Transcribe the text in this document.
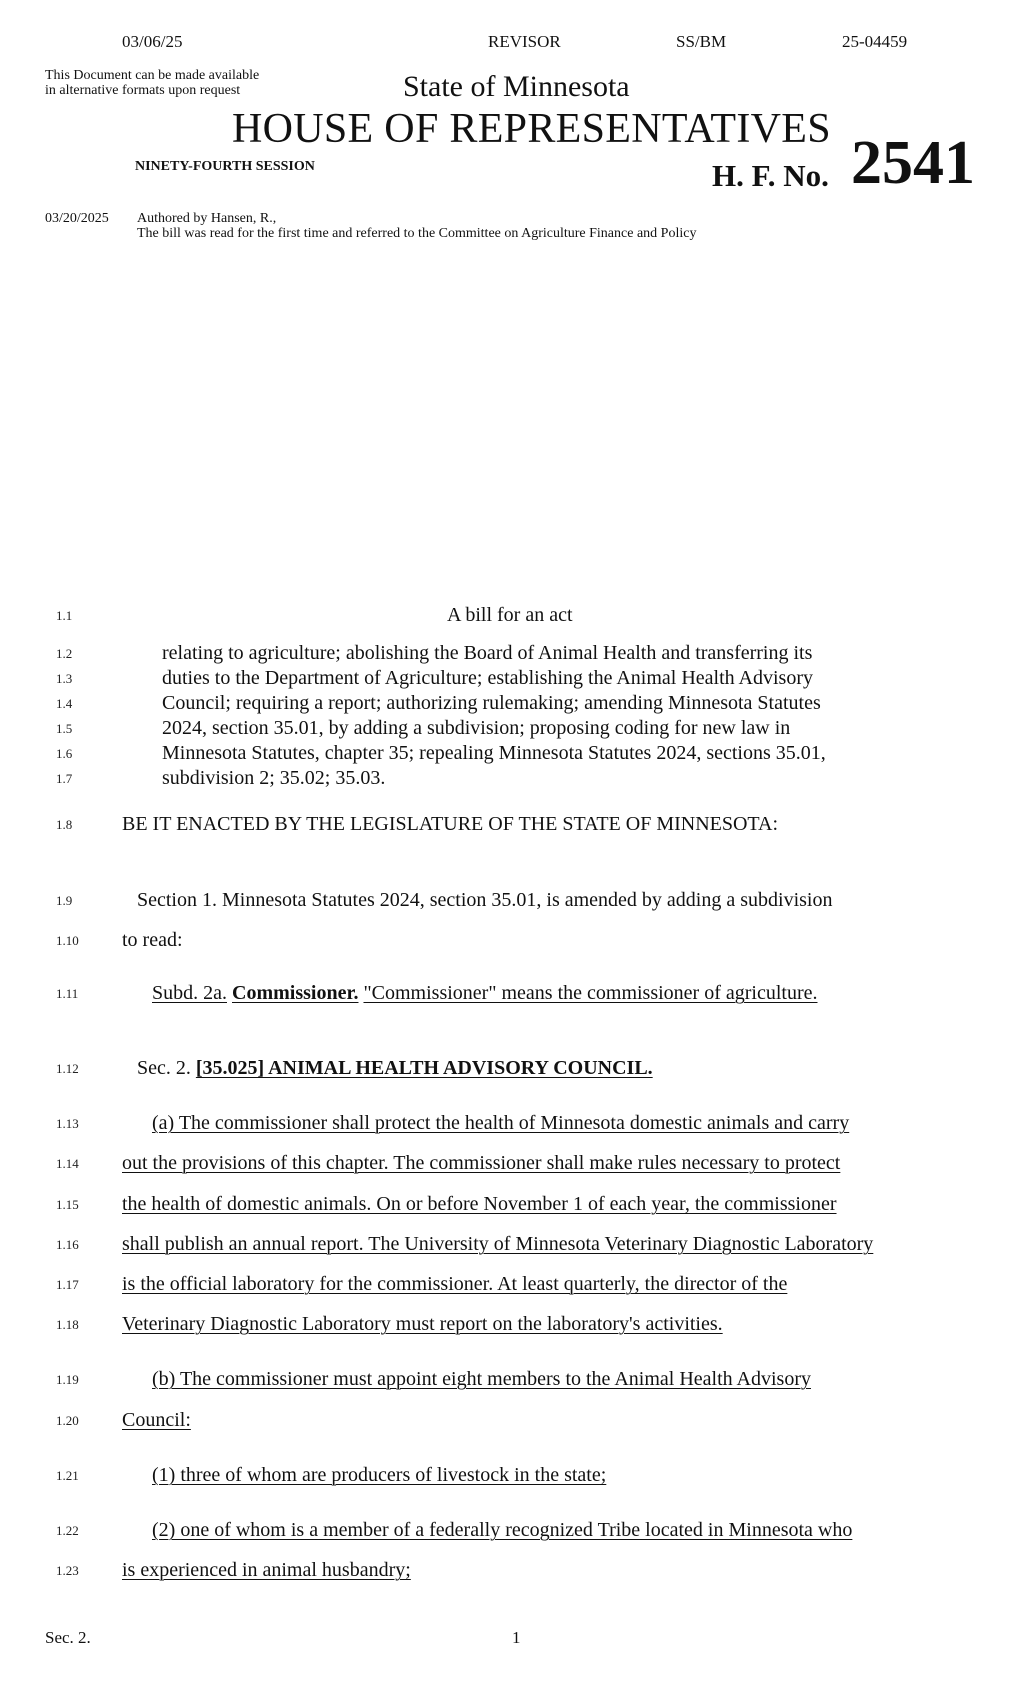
03/06/25	REVISOR	SS/BM	25-04459
This Document can be made available
in alternative formats upon request	State of Minnesota
HOUSE OF REPRESENTATIVES
NINETY-FOURTH SESSION	H. F. No. 2541
03/20/2025 Authored by Hansen, R.,
The bill was read for the first time and referred to the Committee on Agriculture Finance and Policy
1.1	A bill for an act
1.2	relating to agriculture; abolishing the Board of Animal Health and transferring its
1.3	duties to the Department of Agriculture; establishing the Animal Health Advisory
1.4	Council; requiring a report; authorizing rulemaking; amending Minnesota Statutes
1.5	2024, section 35.01, by adding a subdivision; proposing coding for new law in
1.6	Minnesota Statutes, chapter 35; repealing Minnesota Statutes 2024, sections 35.01,
1.7	subdivision 2; 35.02; 35.03.
1.8	BE IT ENACTED BY THE LEGISLATURE OF THE STATE OF MINNESOTA:
1.9	Section 1. Minnesota Statutes 2024, section 35.01, is amended by adding a subdivision
1.10	to read:
1.11	Subd. 2a. Commissioner. "Commissioner" means the commissioner of agriculture.
1.12	Sec. 2. [35.025] ANIMAL HEALTH ADVISORY COUNCIL.
1.13	(a) The commissioner shall protect the health of Minnesota domestic animals and carry
1.14	out the provisions of this chapter. The commissioner shall make rules necessary to protect
1.15	the health of domestic animals. On or before November 1 of each year, the commissioner
1.16	shall publish an annual report. The University of Minnesota Veterinary Diagnostic Laboratory
1.17	is the official laboratory for the commissioner. At least quarterly, the director of the
1.18	Veterinary Diagnostic Laboratory must report on the laboratory's activities.
1.19	(b) The commissioner must appoint eight members to the Animal Health Advisory
1.20	Council:
1.21	(1) three of whom are producers of livestock in the state;
1.22	(2) one of whom is a member of a federally recognized Tribe located in Minnesota who
1.23	is experienced in animal husbandry;
Sec. 2.	1
